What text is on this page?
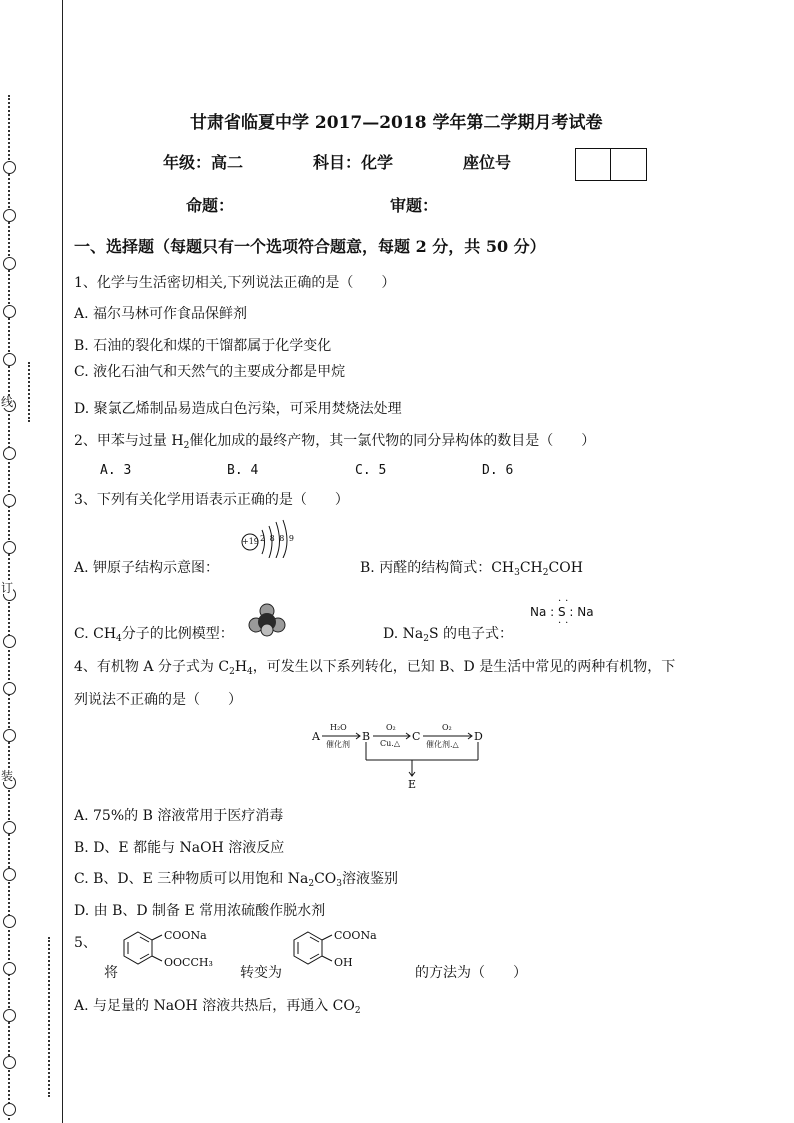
线
订
装
甘肃省临夏中学 2017—2018 学年第二学期月考试卷
年级：高二	科目：化学	座位号
命题：	审题：
一、选择题（每题只有一个选项符合题意，每题 2 分，共 50 分）
1、化学与生活密切相关,下列说法正确的是（　　）
A. 福尔马林可作食品保鲜剂
B. 石油的裂化和煤的干馏都属于化学变化
C. 液化石油气和天然气的主要成分都是甲烷
D. 聚氯乙烯制品易造成白色污染，可采用焚烧法处理
2、甲苯与过量 $H_2$催化加成的最终产物，其一氯代物的同分异构体的数目是（　　）
A. 3	B. 4	C. 5	D. 6
3、下列有关化学用语表示正确的是（　　）
+19 2 8 8 9
A. 钾原子结构示意图：	B. 丙醛的结构简式：$CH_3CH_2COH$
C. $CH_4$分子的比例模型：	D. $Na_2S$ 的电子式：
Na : S : Na
··
··
4、有机物 A 分子式为 $C_2H_4$，可发生以下系列转化，已知 B、D 是生活中常见的两种有机物，下
列说法不正确的是（　　）
A	B	C	D
E
H₂O
催化剂
O₂
Cu.△
O₂
催化剂.△
A. 75%的 B 溶液常用于医疗消毒
B. D、E 都能与 NaOH 溶液反应
C. B、D、E 三种物质可以用饱和 $Na_2CO_3$溶液鉴别
D. 由 B、D 制备 E 常用浓硫酸作脱水剂
5、
将
COONa
OOCCH₃
转变为
COONa
OH
的方法为（　　）
A. 与足量的 NaOH 溶液共热后，再通入 $CO_2$
